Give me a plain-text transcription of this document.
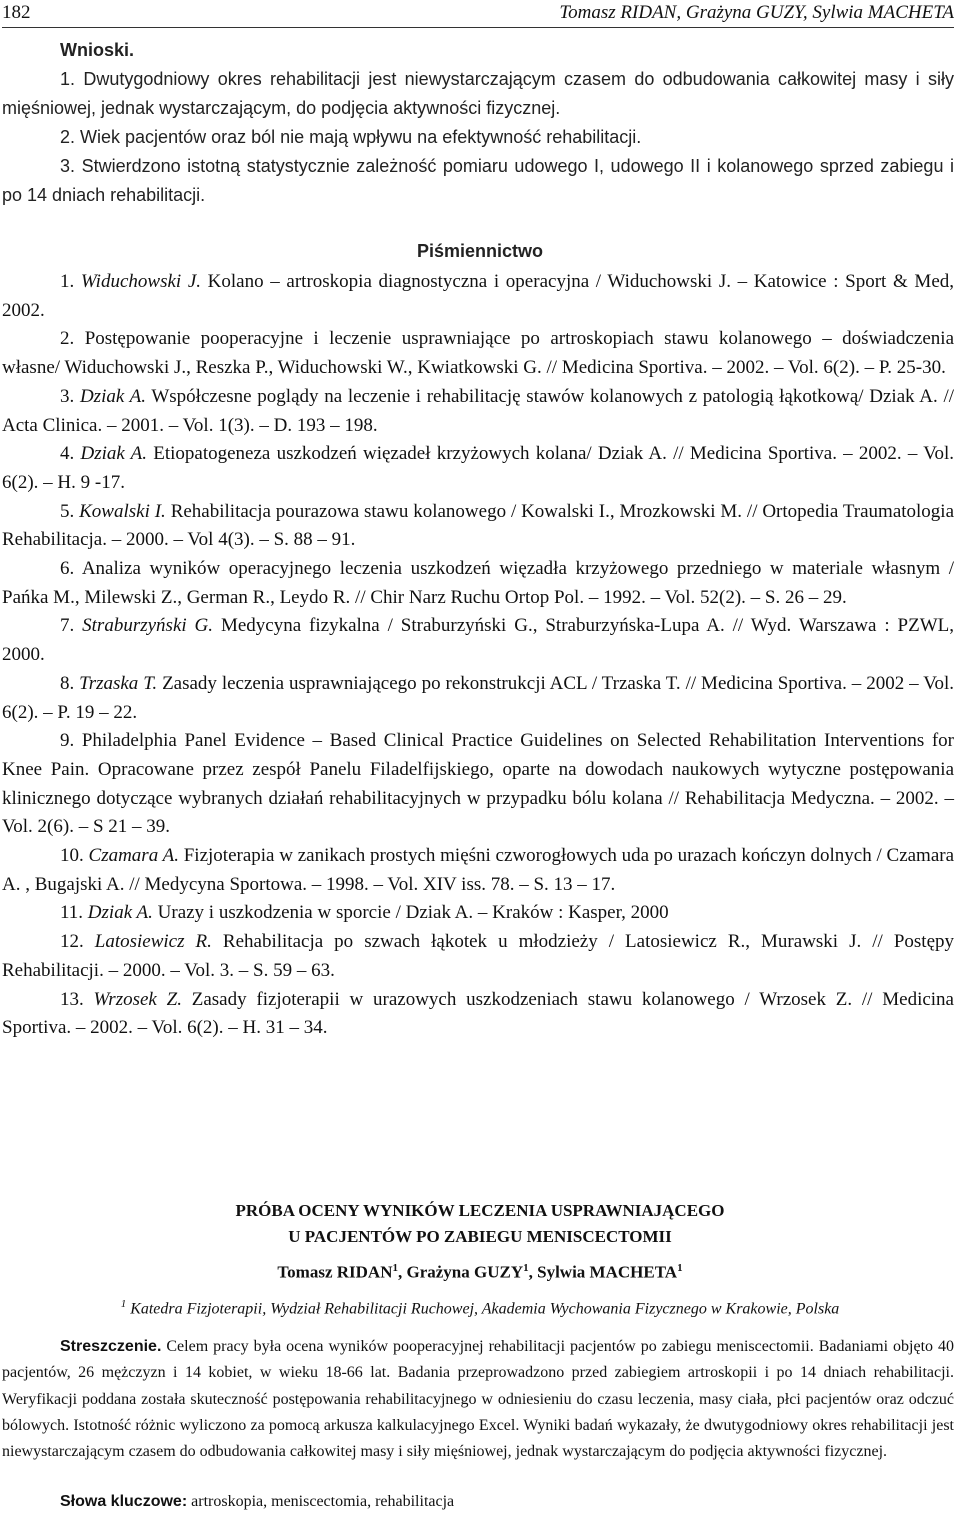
182	Tomasz RIDAN, Grażyna GUZY, Sylwia MACHETA

Wnioski.

1. Dwutygodniowy okres rehabilitacji jest niewystarczającym czasem do odbudowania całkowitej masy i siły mięśniowej, jednak wystarczającym, do podjęcia aktywności fizycznej.

2. Wiek pacjentów oraz ból nie mają wpływu na efektywność rehabilitacji.

3. Stwierdzono istotną statystycznie zależność pomiaru udowego I, udowego II i kolanowego sprzed zabiegu i po 14 dniach rehabilitacji.

Piśmiennictwo

1. Widuchowski J. Kolano – artroskopia diagnostyczna i operacyjna / Widuchowski J. – Katowice : Sport & Med, 2002.

2. Postępowanie pooperacyjne i leczenie usprawniające po artroskopiach stawu kolanowego – doświadczenia własne/ Widuchowski J., Reszka P., Widuchowski W., Kwiatkowski G. // Medicina Sportiva. – 2002. – Vol. 6(2). – P. 25-30.

3. Dziak A. Współczesne poglądy na leczenie i rehabilitację stawów kolanowych z patologią łąkotkową/ Dziak A. // Acta Clinica. – 2001. – Vol. 1(3). – D. 193 – 198.

4. Dziak A. Etiopatogeneza uszkodzeń więzadeł krzyżowych kolana/ Dziak A. // Medicina Sportiva. – 2002. – Vol. 6(2). – H. 9 -17.

5. Kowalski I. Rehabilitacja pourazowa stawu kolanowego / Kowalski I., Mrozkowski M. // Ortopedia Traumatologia Rehabilitacja. – 2000. – Vol 4(3). – S. 88 – 91.

6. Analiza wyników operacyjnego leczenia uszkodzeń więzadła krzyżowego przedniego w materiale własnym / Pańka M., Milewski Z., German R., Leydo R. // Chir Narz Ruchu Ortop Pol. – 1992. – Vol. 52(2). – S. 26 – 29.

7. Straburzyński G. Medycyna fizykalna / Straburzyński G., Straburzyńska-Lupa A. // Wyd. Warszawa : PZWL, 2000.

8. Trzaska T. Zasady leczenia usprawniającego po rekonstrukcji ACL / Trzaska T. // Medicina Sportiva. – 2002 – Vol. 6(2). – P. 19 – 22.

9. Philadelphia Panel Evidence – Based Clinical Practice Guidelines on Selected Rehabilitation Interventions for Knee Pain. Opracowane przez zespół Panelu Filadelfijskiego, oparte na dowodach naukowych wytyczne postępowania klinicznego dotyczące wybranych działań rehabilitacyjnych w przypadku bólu kolana // Rehabilitacja Medyczna. – 2002. – Vol. 2(6). – S 21 – 39.

10. Czamara A. Fizjoterapia w zanikach prostych mięśni czworogłowych uda po urazach kończyn dolnych / Czamara A. , Bugajski A. // Medycyna Sportowa. – 1998. – Vol. XIV iss. 78. – S. 13 – 17.

11. Dziak A. Urazy i uszkodzenia w sporcie / Dziak A. – Kraków : Kasper, 2000

12. Latosiewicz R. Rehabilitacja po szwach łąkotek u młodzieży / Latosiewicz R., Murawski J. // Postępy Rehabilitacji. – 2000. – Vol. 3. – S. 59 – 63.

13. Wrzosek Z. Zasady fizjoterapii w urazowych uszkodzeniach stawu kolanowego / Wrzosek Z. // Medicina Sportiva. – 2002. – Vol. 6(2). – H. 31 – 34.

PRÓBA OCENY WYNIKÓW LECZENIA USPRAWNIAJĄCEGO
U PACJENTÓW PO ZABIEGU MENISCECTOMII
Tomasz RIDAN$^1$, Grażyna GUZY$^1$, Sylwia MACHETA$^1$
$^1$ Katedra Fizjoterapii, Wydział Rehabilitacji Ruchowej, Akademia Wychowania Fizycznego w Krakowie, Polska

Streszczenie. Celem pracy była ocena wyników pooperacyjnej rehabilitacji pacjentów po zabiegu meniscectomii. Badaniami objęto 40 pacjentów, 26 mężczyzn i 14 kobiet, w wieku 18-66 lat. Badania przeprowadzono przed zabiegiem artroskopii i po 14 dniach rehabilitacji. Weryfikacji poddana została skuteczność postępowania rehabilitacyjnego w odniesieniu do czasu leczenia, masy ciała, płci pacjentów oraz odczuć bólowych. Istotność różnic wyliczono za pomocą arkusza kalkulacyjnego Excel. Wyniki badań wykazały, że dwutygodniowy okres rehabilitacji jest niewystarczającym czasem do odbudowania całkowitej masy i siły mięśniowej, jednak wystarczającym do podjęcia aktywności fizycznej.

Słowa kluczowe: artroskopia, meniscectomia, rehabilitacja
